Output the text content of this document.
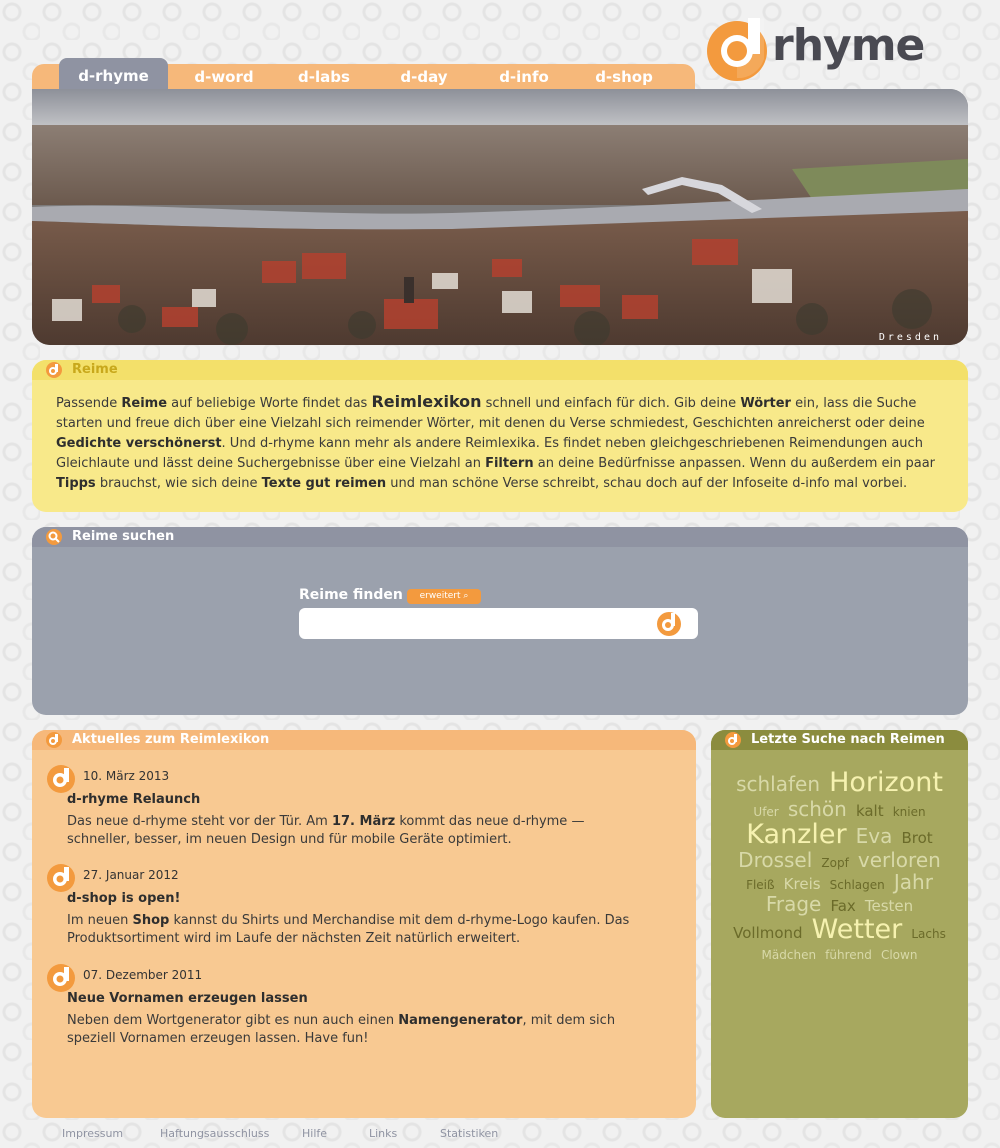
rhyme
d-rhyme	d-word	d-labs	d-day	d-info	d-shop
Dresden
Reime

Passende Reime auf beliebige Worte findet das Reimlexikon schnell und einfach für dich. Gib deine Wörter ein, lass die Suche starten und freue dich über eine Vielzahl sich reimender Wörter, mit denen du Verse schmiedest, Geschichten anreicherst oder deine Gedichte verschönerst. Und d-rhyme kann mehr als andere Reimlexika. Es findet neben gleichgeschriebenen Reimendungen auch Gleichlaute und lässt deine Suchergebnisse über eine Vielzahl an Filtern an deine Bedürfnisse anpassen. Wenn du außerdem ein paar Tipps brauchst, wie sich deine Texte gut reimen und man schöne Verse schreibt, schau doch auf der Infoseite d-info mal vorbei.

Reime suchen
Reime finden	erweitert ⌕
Aktuelles zum Reimlexikon
10. März 2013
d-rhyme Relaunch

Das neue d-rhyme steht vor der Tür. Am 17. März kommt das neue d-rhyme — schneller, besser, im neuen Design und für mobile Geräte optimiert.

27. Januar 2012
d-shop is open!

Im neuen Shop kannst du Shirts und Merchandise mit dem d-rhyme-Logo kaufen. Das Produktsortiment wird im Laufe der nächsten Zeit natürlich erweitert.

07. Dezember 2011
Neue Vornamen erzeugen lassen

Neben dem Wortgenerator gibt es nun auch einen Namengenerator, mit dem sich speziell Vornamen erzeugen lassen. Have fun!

Letzte Suche nach Reimen
schlafen Horizont Ufer schön kalt knien Kanzler Eva Brot Drossel Zopf verloren Fleiß Kreis Schlagen Jahr Frage Fax Testen Vollmond Wetter Lachs Mädchen führend Clown
Impressum	Haftungsausschluss	Hilfe	Links	Statistiken
